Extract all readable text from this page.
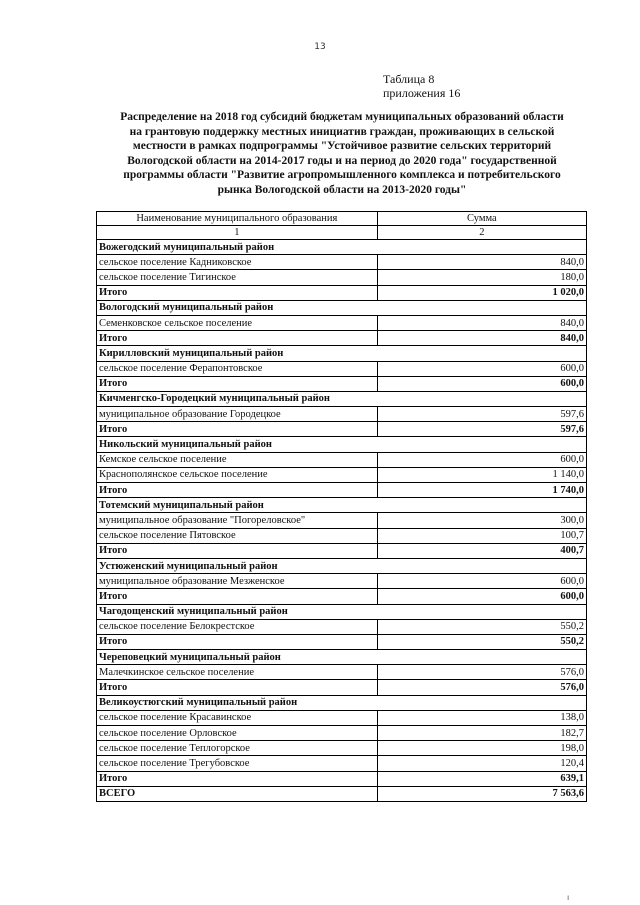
13
Таблица 8
приложения 16
Распределение на 2018 год субсидий бюджетам муниципальных образований области
на грантовую поддержку местных инициатив граждан, проживающих в сельской
местности в рамках подпрограммы "Устойчивое развитие сельских территорий
Вологодской области на 2014-2017 годы и на период до 2020 года" государственной
программы области "Развитие агропромышленного комплекса и потребительского
рынка Вологодской области на 2013-2020 годы"
Наименование муниципального образования	Сумма
1	2
Вожегодский муниципальный район	
сельское поселение Кадниковское	840,0
сельское поселение Тигинское	180,0
Итого	1 020,0
Вологодский муниципальный район	
Семенковское сельское поселение	840,0
Итого	840,0
Кирилловский муниципальный район	
сельское поселение Ферапонтовское	600,0
Итого	600,0
Кичменгско-Городецкий муниципальный район	
муниципальное образование Городецкое	597,6
Итого	597,6
Никольский муниципальный район	
Кемское сельское поселение	600,0
Краснополянское сельское поселение	1 140,0
Итого	1 740,0
Тотемский муниципальный район	
муниципальное образование "Погореловское"	300,0
сельское поселение Пятовское	100,7
Итого	400,7
Устюженский муниципальный район	
муниципальное образование Мезженское	600,0
Итого	600,0
Чагодощенский муниципальный район	
сельское поселение Белокрестское	550,2
Итого	550,2
Череповецкий муниципальный район	
Малечкинское сельское поселение	576,0
Итого	576,0
Великоустюгский муниципальный район	
сельское поселение Красавинское	138,0
сельское поселение Орловское	182,7
сельское поселение Теплогорское	198,0
сельское поселение Трегубовское	120,4
Итого	639,1
ВСЕГО	7 563,6
ı
